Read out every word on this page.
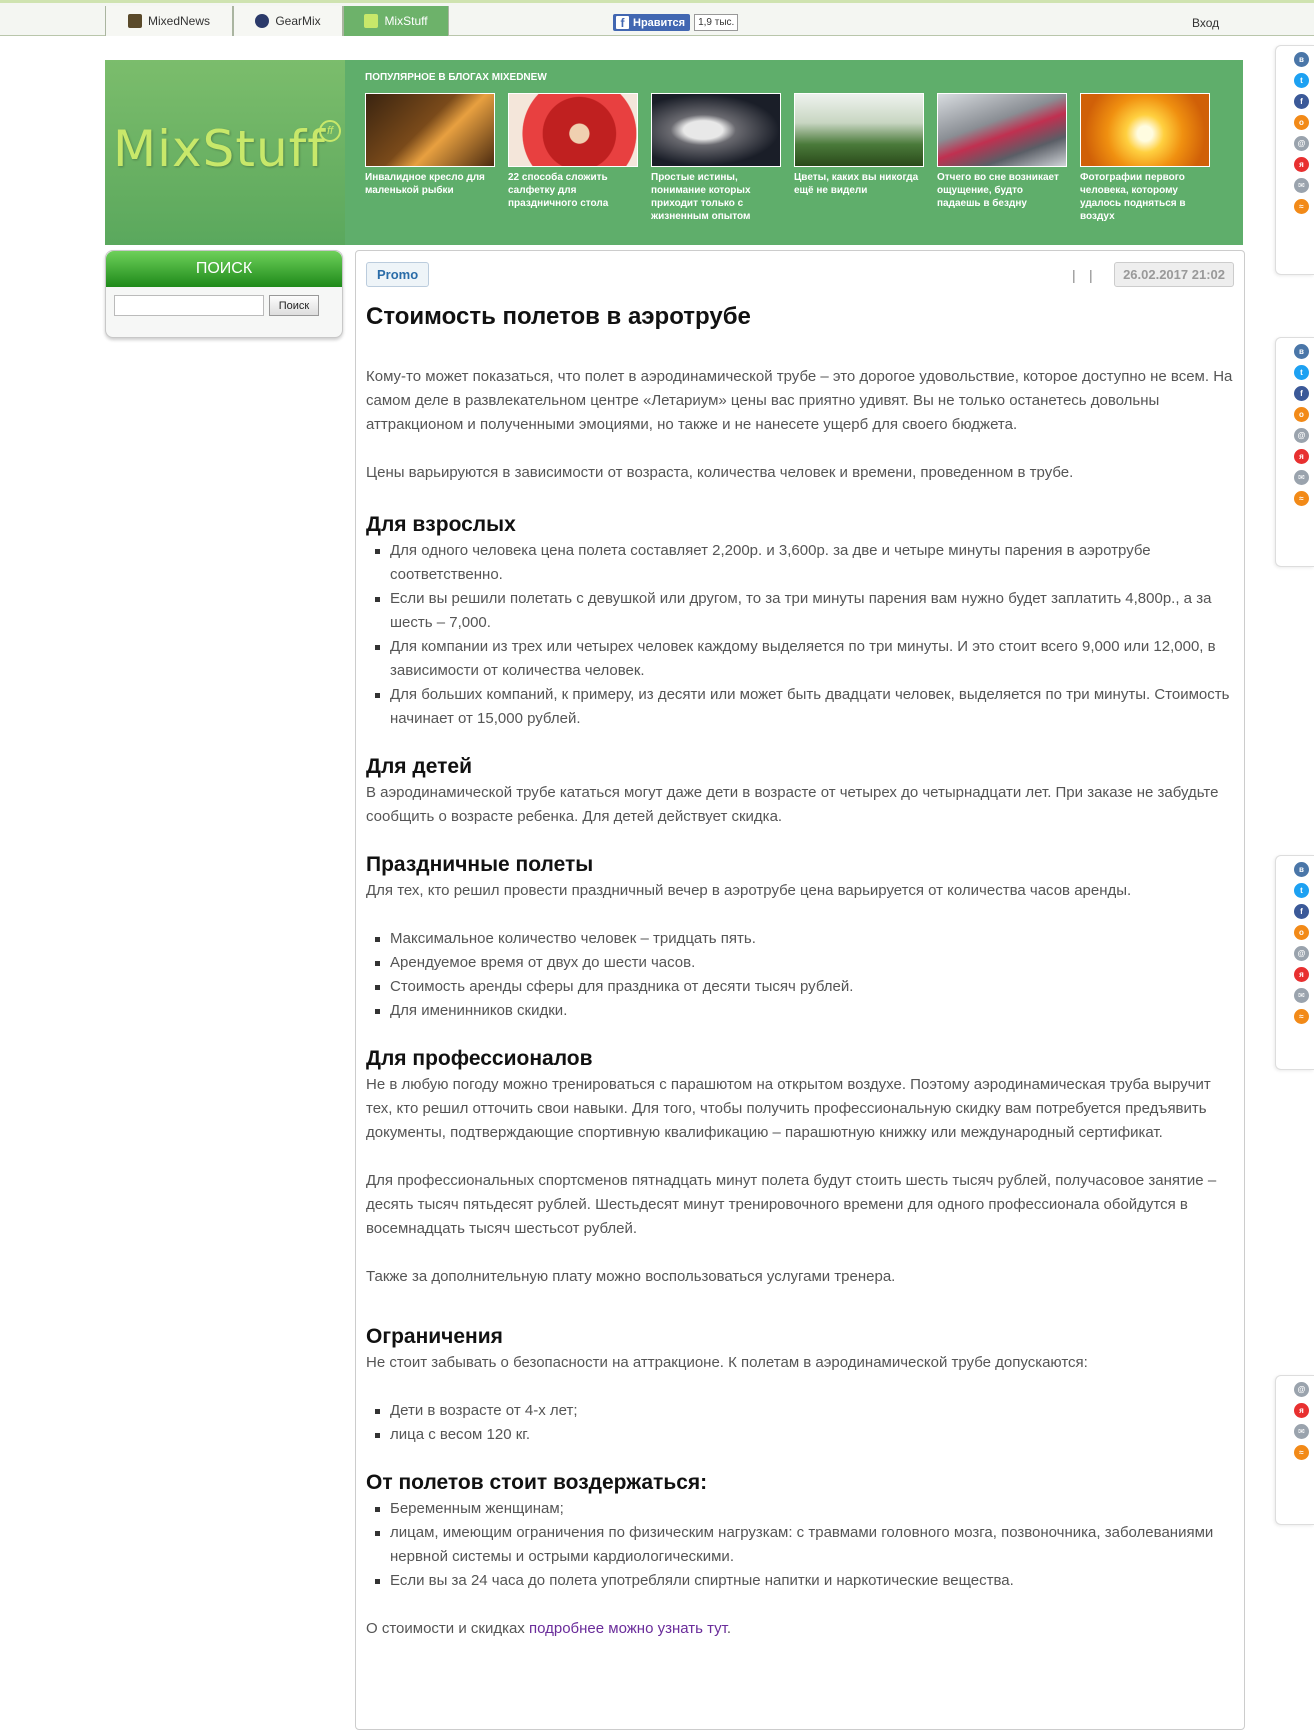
MixedNews	GearMix	MixStuff	f Нравится	1,9 тыс.	Вход
MixStuff ff
ПОПУЛЯРНОЕ В БЛОГАХ MIXEDNEW
Инвалидное кресло для маленькой рыбки
22 способа сложить салфетку для праздничного стола
Простые истины, понимание которых приходит только с жизненным опытом
Цветы, каких вы никогда ещё не видели
Отчего во сне возникает ощущение, будто падаешь в бездну
Фотографии первого человека, которому удалось подняться в воздух
ПОИСК
Поиск
Promo	| |	26.02.2017 21:02
Стоимость полетов в аэротрубе

Кому-то может показаться, что полет в аэродинамической трубе – это дорогое удовольствие, которое доступно не всем. На самом деле в развлекательном центре «Летариум» цены вас приятно удивят. Вы не только останетесь довольны аттракционом и полученными эмоциями, но также и не нанесете ущерб для своего бюджета.

Цены варьируются в зависимости от возраста, количества человек и времени, проведенном в трубе.

Для взрослых
Для одного человека цена полета составляет 2,200р. и 3,600р. за две и четыре минуты парения в аэротрубе соответственно.
Если вы решили полетать с девушкой или другом, то за три минуты парения вам нужно будет заплатить 4,800р., а за шесть – 7,000.
Для компании из трех или четырех человек каждому выделяется по три минуты. И это стоит всего 9,000 или 12,000, в зависимости от количества человек.
Для больших компаний, к примеру, из десяти или может быть двадцати человек, выделяется по три минуты. Стоимость начинает от 15,000 рублей.
Для детей

В аэродинамической трубе кататься могут даже дети в возрасте от четырех до четырнадцати лет. При заказе не забудьте сообщить о возрасте ребенка. Для детей действует скидка.

Праздничные полеты

Для тех, кто решил провести праздничный вечер в аэротрубе цена варьируется от количества часов аренды.

Максимальное количество человек – тридцать пять.
Арендуемое время от двух до шести часов.
Стоимость аренды сферы для праздника от десяти тысяч рублей.
Для именинников скидки.
Для профессионалов

Не в любую погоду можно тренироваться с парашютом на открытом воздухе. Поэтому аэродинамическая труба выручит тех, кто решил отточить свои навыки. Для того, чтобы получить профессиональную скидку вам потребуется предъявить документы, подтверждающие спортивную квалификацию – парашютную книжку или международный сертификат.

Для профессиональных спортсменов пятнадцать минут полета будут стоить шесть тысяч рублей, получасовое занятие – десять тысяч пятьдесят рублей. Шестьдесят минут тренировочного времени для одного профессионала обойдутся в восемнадцать тысяч шестьсот рублей.

Также за дополнительную плату можно воспользоваться услугами тренера.

Ограничения

Не стоит забывать о безопасности на аттракционе. К полетам в аэродинамической трубе допускаются:

Дети в возрасте от 4-х лет;
лица с весом 120 кг.
От полетов стоит воздержаться:
Беременным женщинам;
лицам, имеющим ограничения по физическим нагрузкам: с травмами головного мозга, позвоночника, заболеваниями нервной системы и острыми кардиологическими.
Если вы за 24 часа до полета употребляли спиртные напитки и наркотические вещества.

О стоимости и скидках подробнее можно узнать тут.

в
t
f
о
@
я
✉
≈
в
t
f
о
@
я
✉
≈
в
t
f
о
@
я
✉
≈
@
я
✉
≈
